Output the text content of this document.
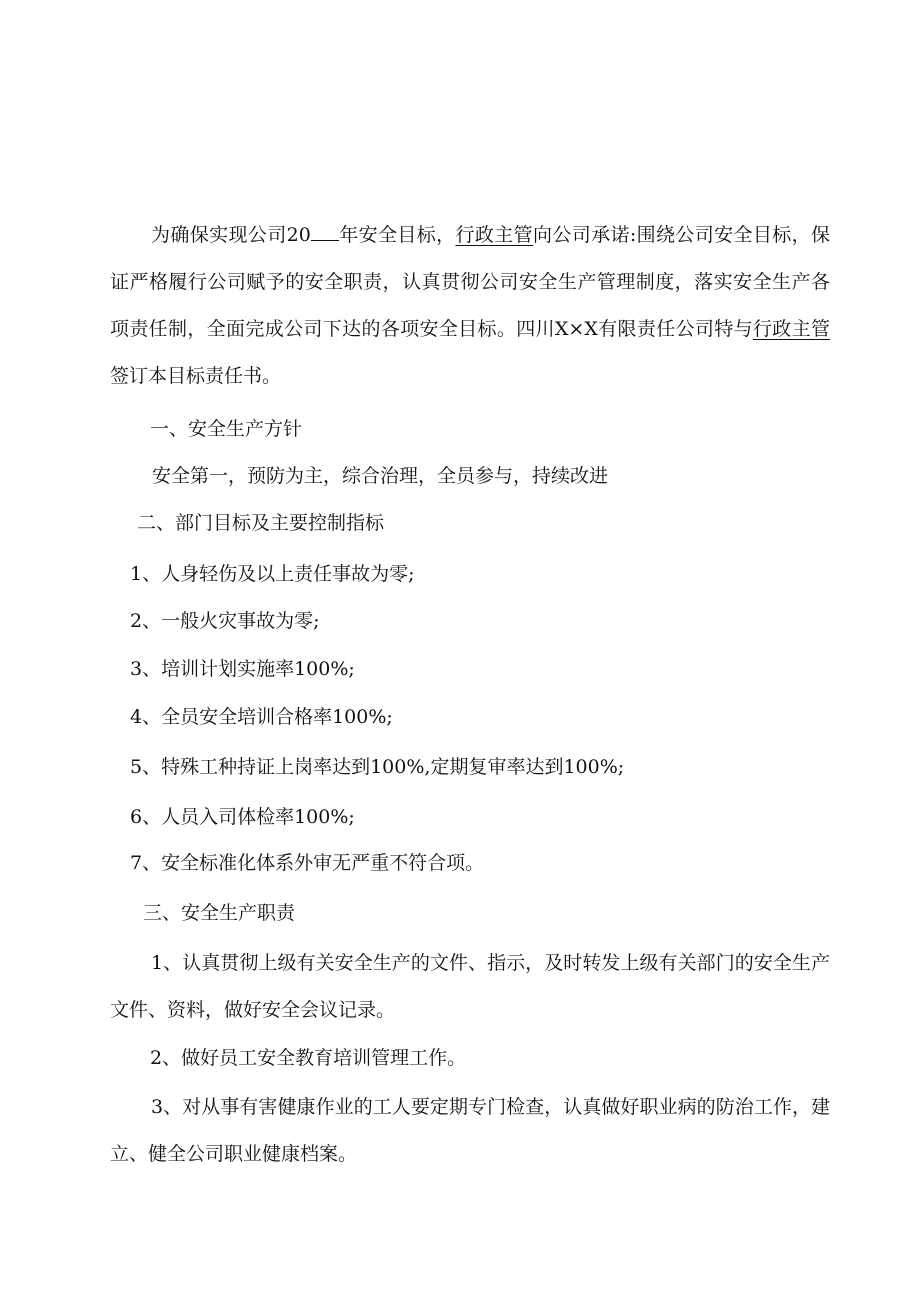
为确保实现公司20 年安全目标，行政主管向公司承诺:围绕公司安全目标，保证严格履行公司赋予的安全职责，认真贯彻公司安全生产管理制度，落实安全生产各项责任制，全面完成公司下达的各项安全目标。四川X×X有限责任公司特与行政主管签订本目标责任书。

一、安全生产方针

安全第一，预防为主，综合治理，全员参与，持续改进

二、部门目标及主要控制指标

1、人身轻伤及以上责任事故为零;

2、一般火灾事故为零;

3、培训计划实施率100%;

4、全员安全培训合格率100%;

5、特殊工种持证上岗率达到100%,定期复审率达到100%;

6、人员入司体检率100%;

7、安全标准化体系外审无严重不符合项。

三、安全生产职责

1、认真贯彻上级有关安全生产的文件、指示，及时转发上级有关部门的安全生产文件、资料，做好安全会议记录。

2、做好员工安全教育培训管理工作。

3、对从事有害健康作业的工人要定期专门检查，认真做好职业病的防治工作，建立、健全公司职业健康档案。
